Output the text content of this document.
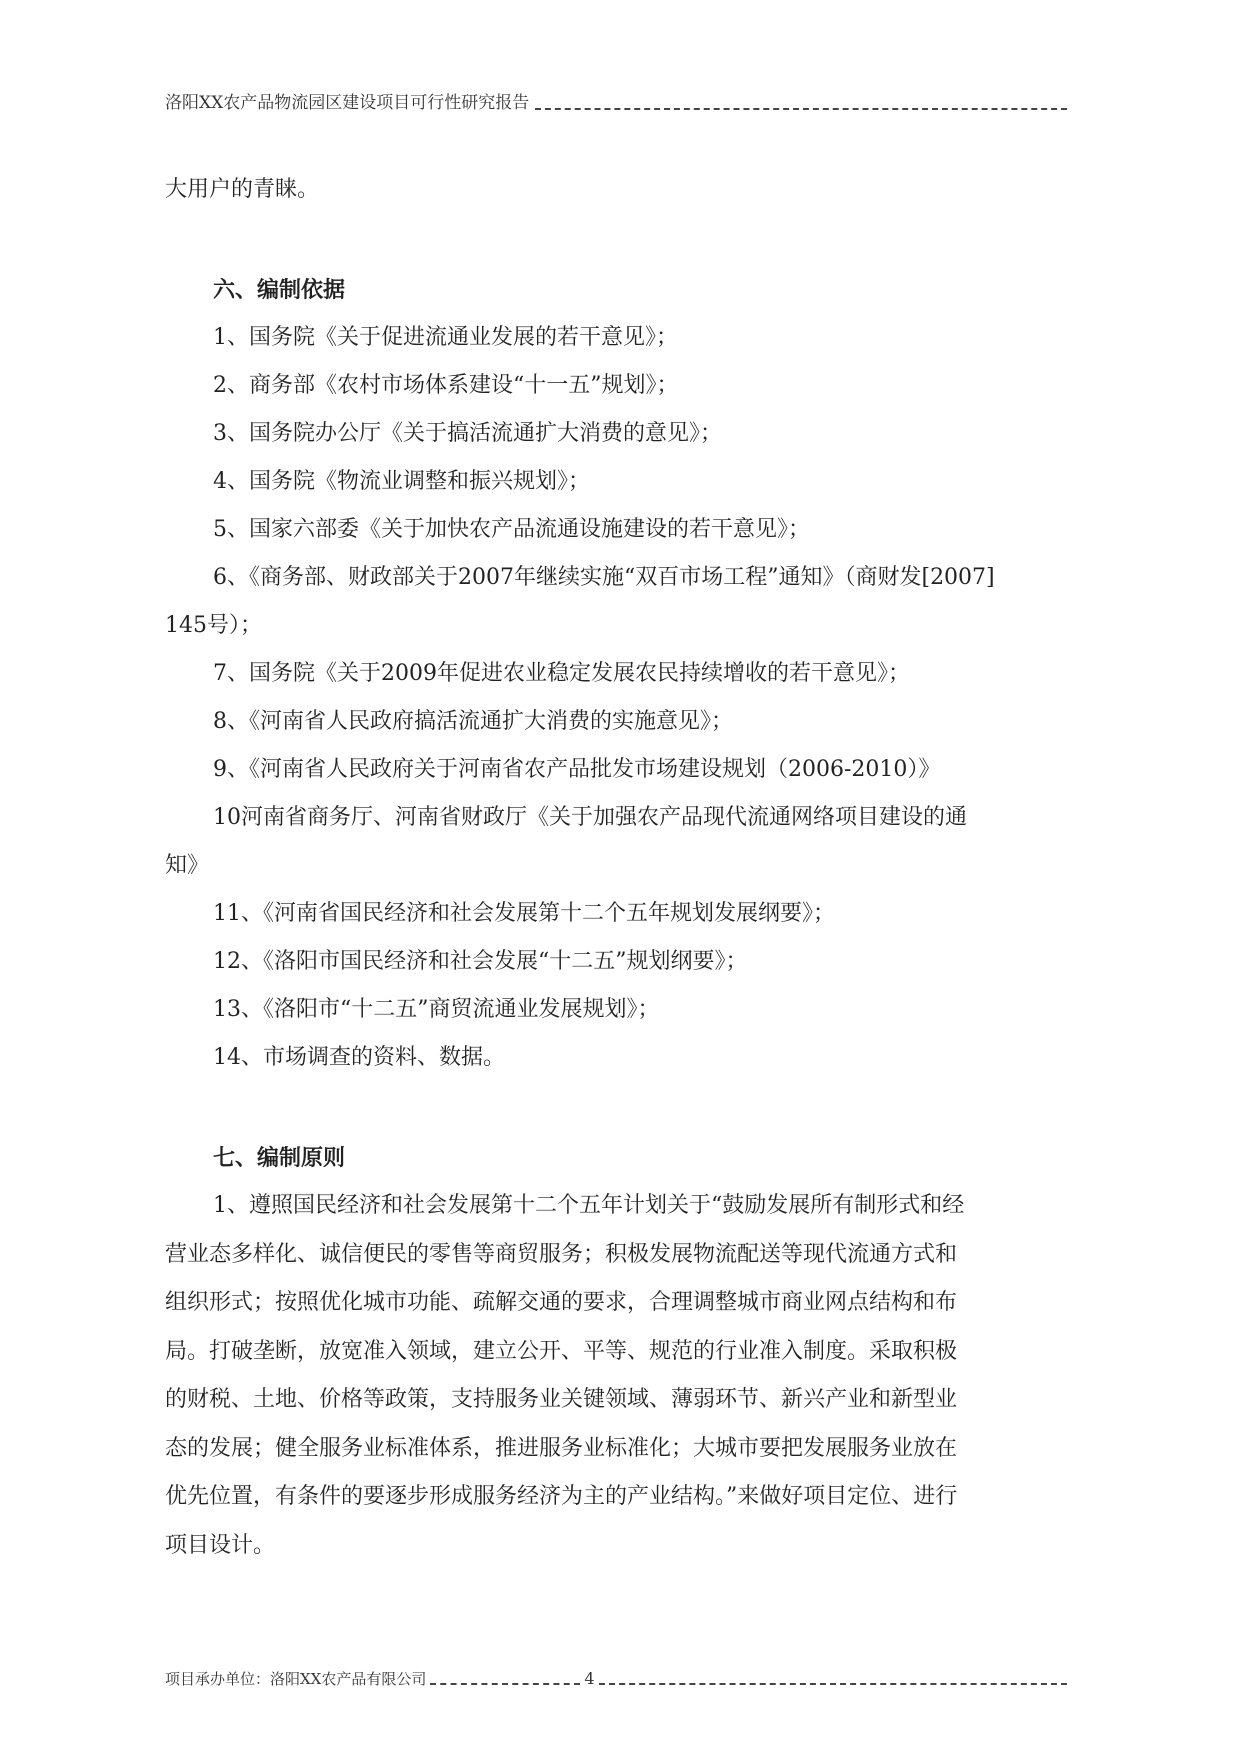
洛阳XX农产品物流园区建设项目可行性研究报告
大用户的青睐。
六、编制依据
1、国务院《关于促进流通业发展的若干意见》；
2、商务部《农村市场体系建设“十一五”规划》；
3、国务院办公厅《关于搞活流通扩大消费的意见》；
4、国务院《物流业调整和振兴规划》；
5、国家六部委《关于加快农产品流通设施建设的若干意见》；
6、《商务部、财政部关于2007年继续实施“双百市场工程”通知》（商财发[2007]
145号）；
7、国务院《关于2009年促进农业稳定发展农民持续增收的若干意见》；
8、《河南省人民政府搞活流通扩大消费的实施意见》；
9、《河南省人民政府关于河南省农产品批发市场建设规划（2006-2010）》
10河南省商务厅、河南省财政厅《关于加强农产品现代流通网络项目建设的通
知》
11、《河南省国民经济和社会发展第十二个五年规划发展纲要》；
12、《洛阳市国民经济和社会发展“十二五”规划纲要》；
13、《洛阳市“十二五”商贸流通业发展规划》；
14、市场调查的资料、数据。
七、编制原则
1、遵照国民经济和社会发展第十二个五年计划关于“鼓励发展所有制形式和经
营业态多样化、诚信便民的零售等商贸服务；积极发展物流配送等现代流通方式和
组织形式；按照优化城市功能、疏解交通的要求，合理调整城市商业网点结构和布
局。打破垄断，放宽准入领域，建立公开、平等、规范的行业准入制度。采取积极
的财税、土地、价格等政策，支持服务业关键领域、薄弱环节、新兴产业和新型业
态的发展；健全服务业标准体系，推进服务业标准化；大城市要把发展服务业放在
优先位置，有条件的要逐步形成服务经济为主的产业结构。”来做好项目定位、进行
项目设计。
项目承办单位：洛阳XX农产品有限公司	4
